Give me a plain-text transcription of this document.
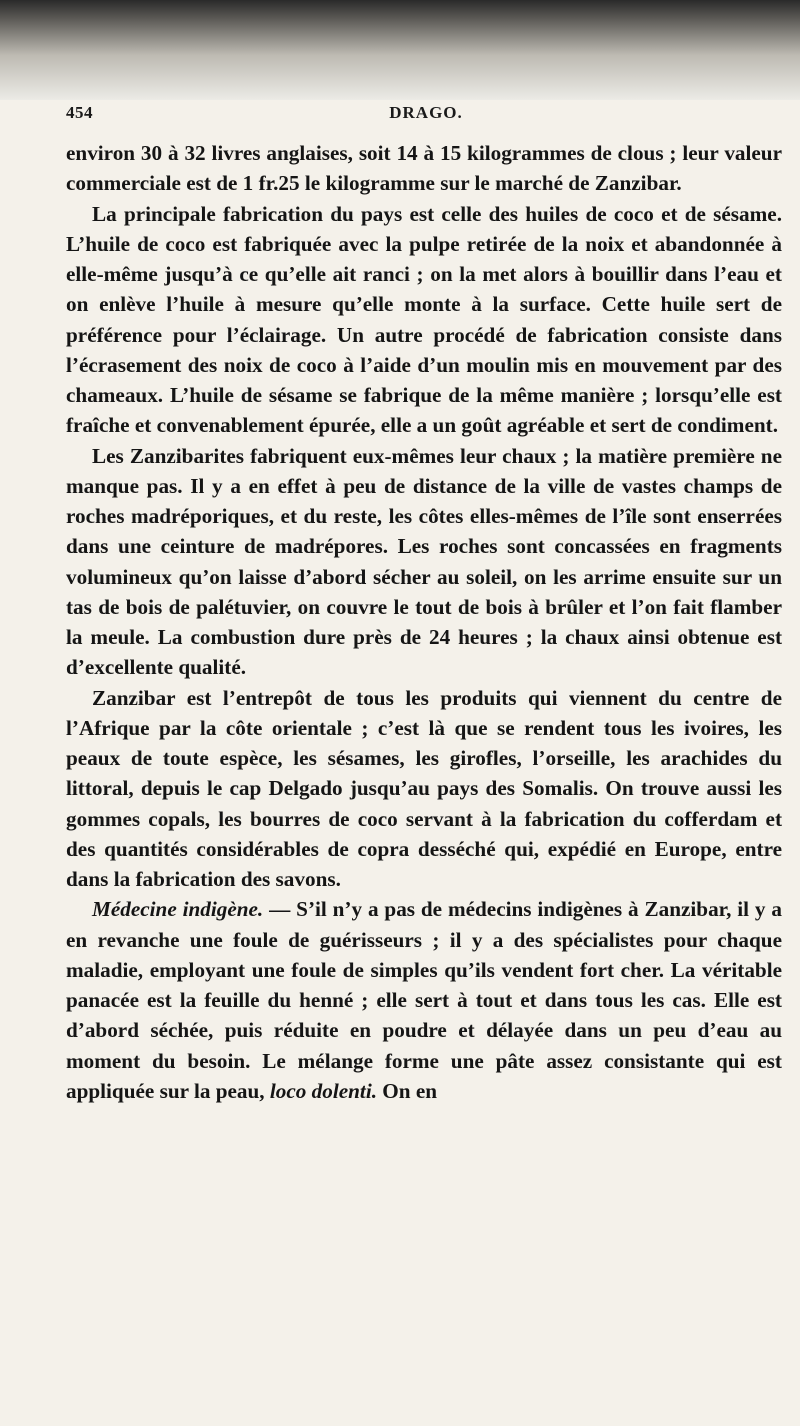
454	DRAGO.

environ 30 à 32 livres anglaises, soit 14 à 15 kilogrammes de clous ; leur valeur commerciale est de 1 fr.25 le kilogramme sur le marché de Zanzibar.

La principale fabrication du pays est celle des huiles de coco et de sésame. L’huile de coco est fabriquée avec la pulpe retirée de la noix et abandonnée à elle-même jusqu’à ce qu’elle ait ranci ; on la met alors à bouillir dans l’eau et on enlève l’huile à mesure qu’elle monte à la surface. Cette huile sert de préférence pour l’éclairage. Un autre procédé de fabrication consiste dans l’écrasement des noix de coco à l’aide d’un moulin mis en mouvement par des chameaux. L’huile de sésame se fabrique de la même manière ; lorsqu’elle est fraîche et convenablement épurée, elle a un goût agréable et sert de condiment.

Les Zanzibarites fabriquent eux-mêmes leur chaux ; la matière première ne manque pas. Il y a en effet à peu de distance de la ville de vastes champs de roches madréporiques, et du reste, les côtes elles-mêmes de l’île sont enserrées dans une ceinture de madrépores. Les roches sont concassées en fragments volumineux qu’on laisse d’abord sécher au soleil, on les arrime ensuite sur un tas de bois de palétuvier, on couvre le tout de bois à brûler et l’on fait flamber la meule. La combustion dure près de 24 heures ; la chaux ainsi obtenue est d’excellente qualité.

Zanzibar est l’entrepôt de tous les produits qui viennent du centre de l’Afrique par la côte orientale ; c’est là que se rendent tous les ivoires, les peaux de toute espèce, les sésames, les girofles, l’orseille, les arachides du littoral, depuis le cap Delgado jusqu’au pays des Somalis. On trouve aussi les gommes copals, les bourres de coco servant à la fabrication du cofferdam et des quantités considérables de copra desséché qui, expédié en Europe, entre dans la fabrication des savons.

Médecine indigène. — S’il n’y a pas de médecins indigènes à Zanzibar, il y a en revanche une foule de guérisseurs ; il y a des spécialistes pour chaque maladie, employant une foule de simples qu’ils vendent fort cher. La véritable panacée est la feuille du henné ; elle sert à tout et dans tous les cas. Elle est d’abord séchée, puis réduite en poudre et délayée dans un peu d’eau au moment du besoin. Le mélange forme une pâte assez consistante qui est appliquée sur la peau, loco dolenti. On en
